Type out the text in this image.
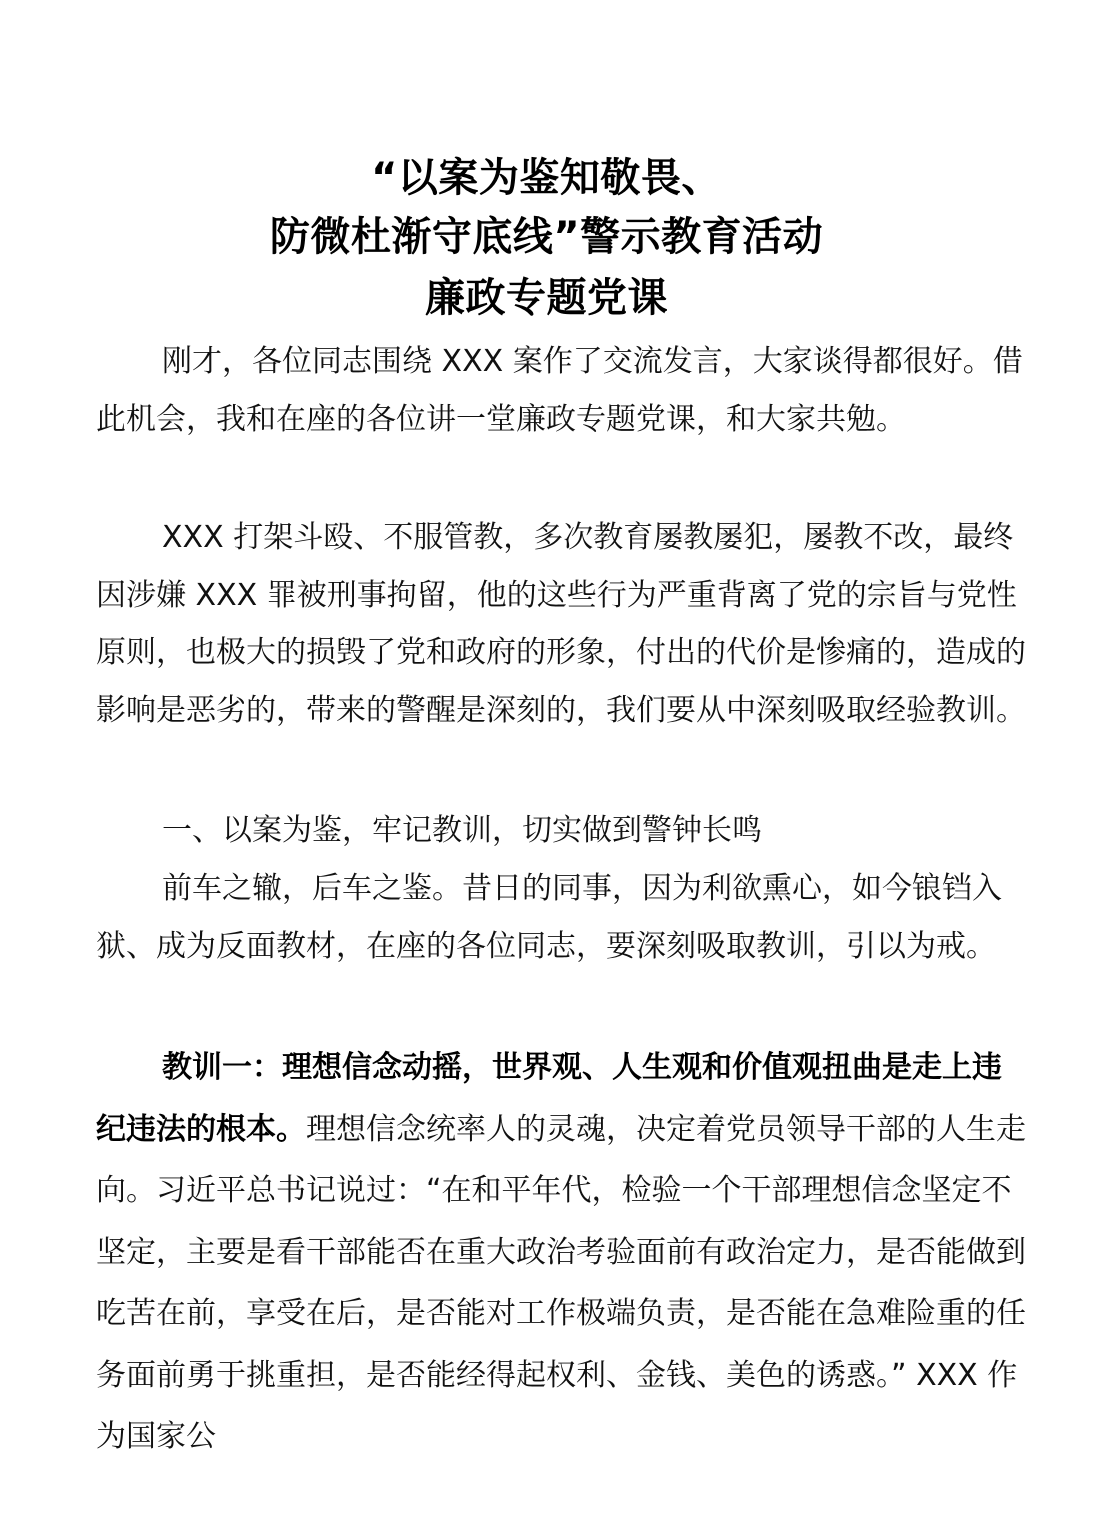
“以案为鉴知敬畏、
防微杜渐守底线”警示教育活动
廉政专题党课

刚才，各位同志围绕 XXX 案作了交流发言，大家谈得都很好。借此机会，我和在座的各位讲一堂廉政专题党课，和大家共勉。

XXX 打架斗殴、不服管教，多次教育屡教屡犯，屡教不改，最终因涉嫌 XXX 罪被刑事拘留，他的这些行为严重背离了党的宗旨与党性原则，也极大的损毁了党和政府的形象，付出的代价是惨痛的，造成的影响是恶劣的，带来的警醒是深刻的，我们要从中深刻吸取经验教训。

一、以案为鉴，牢记教训，切实做到警钟长鸣

前车之辙，后车之鉴。昔日的同事，因为利欲熏心，如今锒铛入狱、成为反面教材，在座的各位同志，要深刻吸取教训，引以为戒。

教训一：理想信念动摇，世界观、人生观和价值观扭曲是走上违纪违法的根本。理想信念统率人的灵魂，决定着党员领导干部的人生走向。习近平总书记说过：“在和平年代，检验一个干部理想信念坚定不坚定，主要是看干部能否在重大政治考验面前有政治定力，是否能做到吃苦在前，享受在后，是否能对工作极端负责，是否能在急难险重的任务面前勇于挑重担，是否能经得起权利、金钱、美色的诱惑。” XXX 作为国家公
